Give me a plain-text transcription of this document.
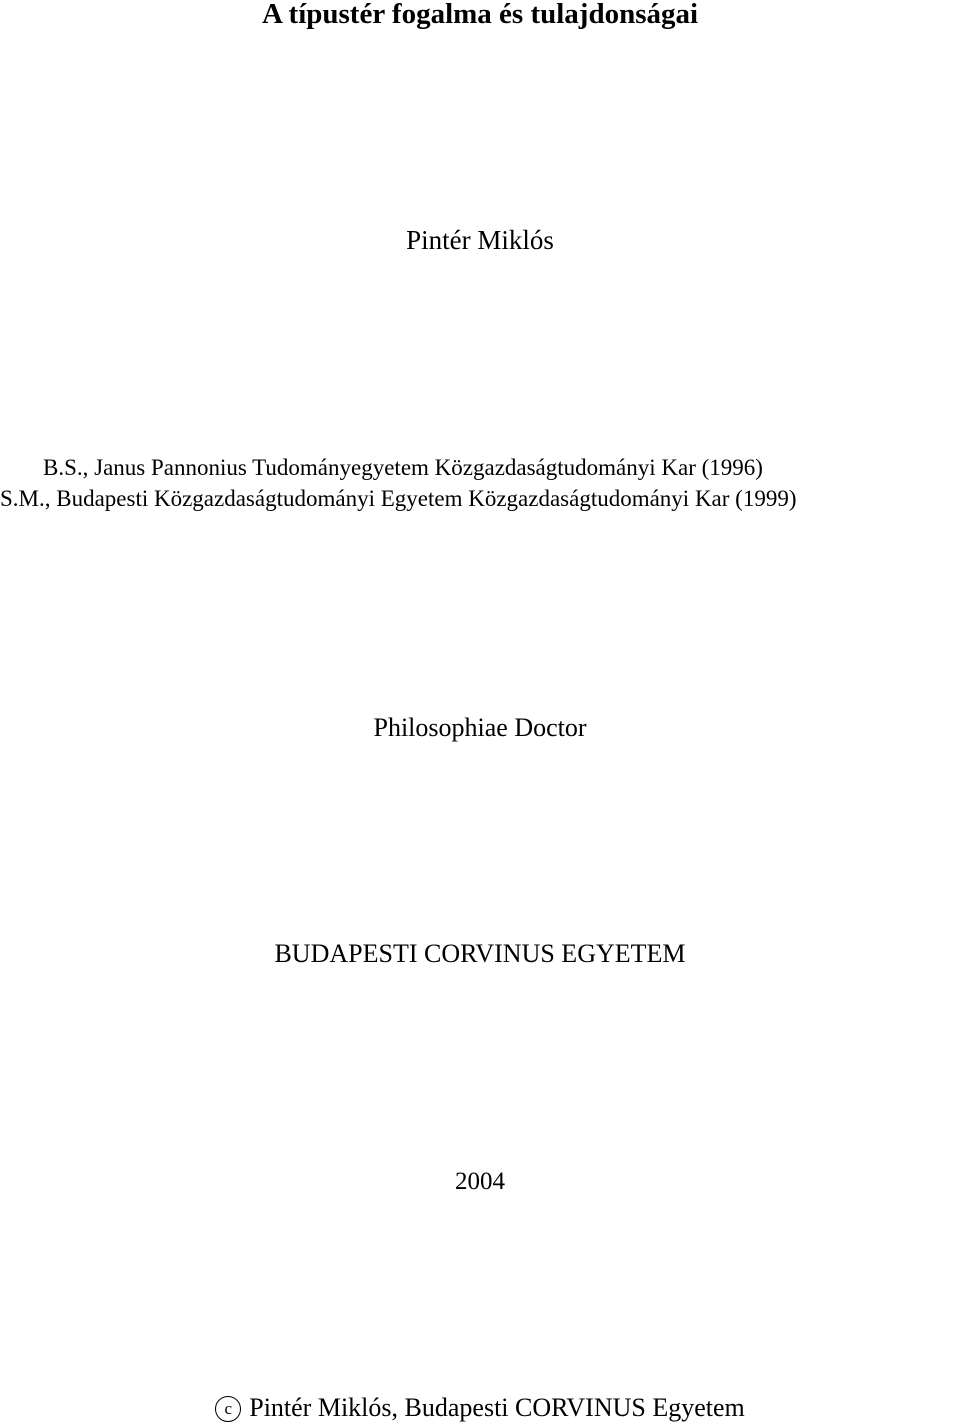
A típustér fogalma és tulajdonságai
Pintér Miklós
B.S., Janus Pannonius Tudományegyetem Közgazdaságtudományi Kar (1996)
S.M., Budapesti Közgazdaságtudományi Egyetem Közgazdaságtudományi Kar (1999)
Philosophiae Doctor
BUDAPESTI CORVINUS EGYETEM
2004
c Pintér Miklós, Budapesti CORVINUS Egyetem
